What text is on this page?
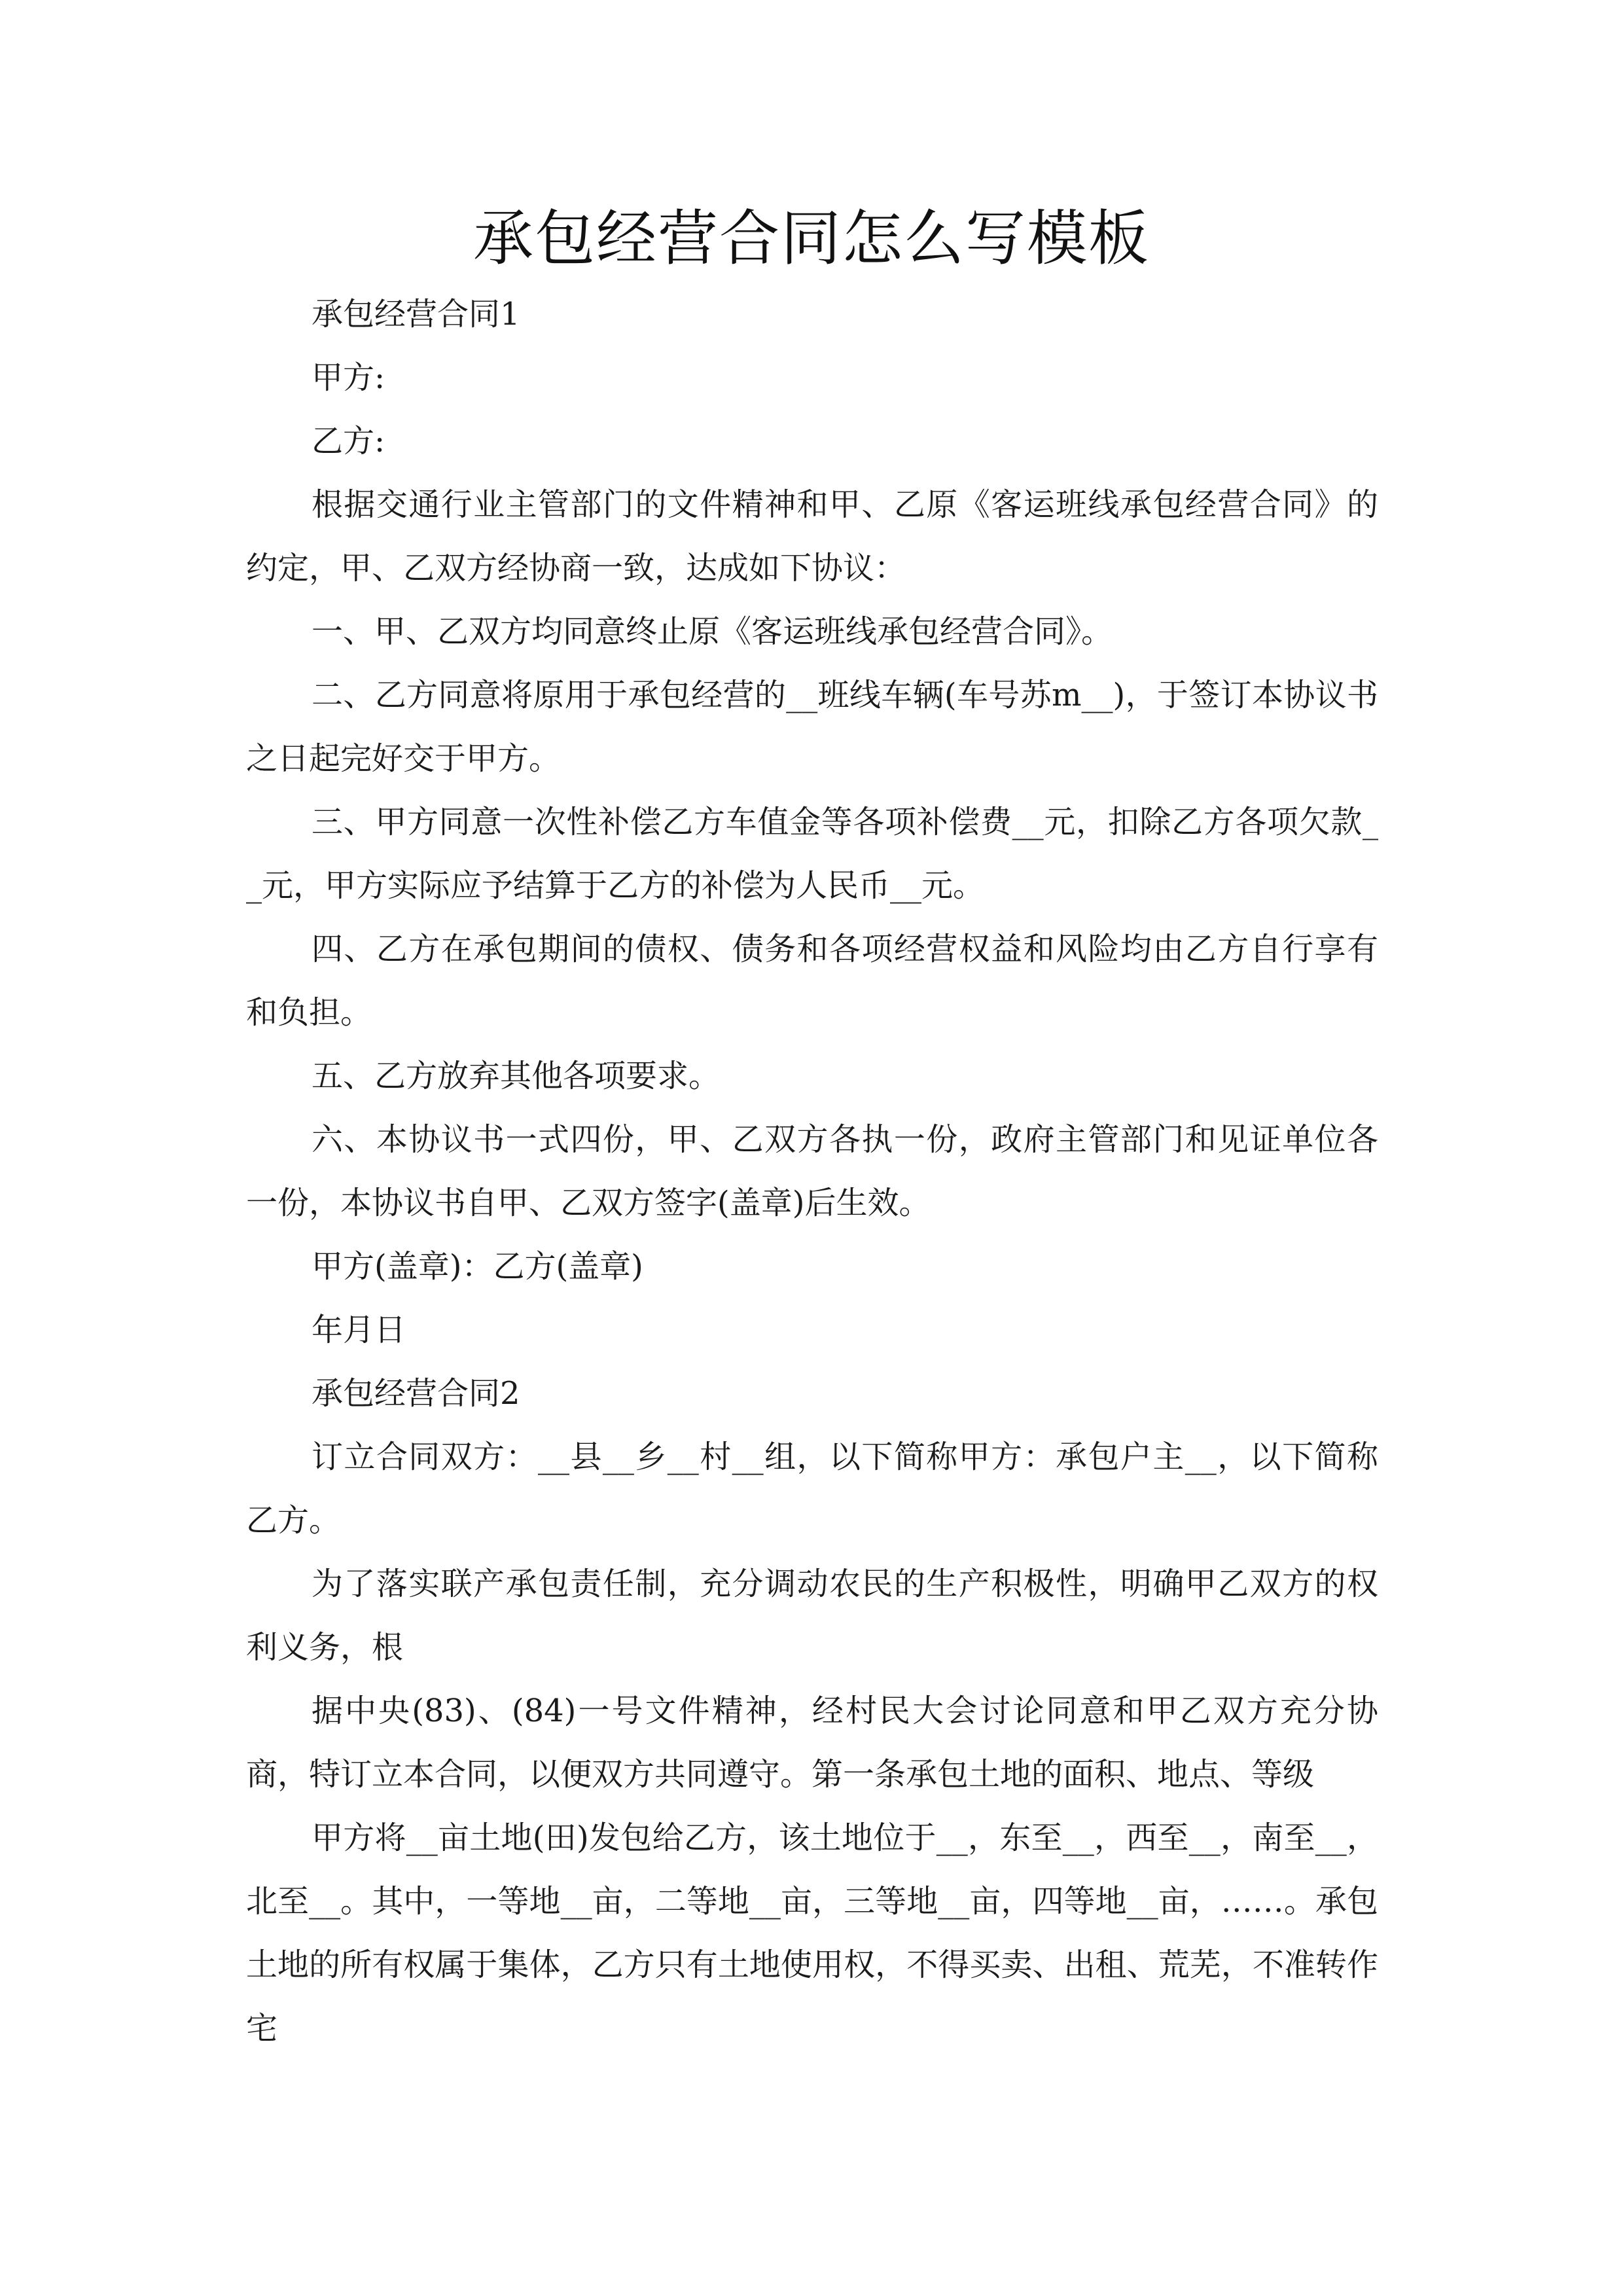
承包经营合同怎么写模板

承包经营合同1

甲方:

乙方:

根据交通行业主管部门的文件精神和甲、乙原《客运班线承包经营合同》的约定，甲、乙双方经协商一致，达成如下协议：

一、甲、乙双方均同意终止原《客运班线承包经营合同》。

二、乙方同意将原用于承包经营的__班线车辆(车号苏m__)，于签订本协议书之日起完好交于甲方。

三、甲方同意一次性补偿乙方车值金等各项补偿费__元，扣除乙方各项欠款__元，甲方实际应予结算于乙方的补偿为人民币__元。

四、乙方在承包期间的债权、债务和各项经营权益和风险均由乙方自行享有和负担。

五、乙方放弃其他各项要求。

六、本协议书一式四份，甲、乙双方各执一份，政府主管部门和见证单位各一份，本协议书自甲、乙双方签字(盖章)后生效。

甲方(盖章)：乙方(盖章)

年月日

承包经营合同2

订立合同双方：__县__乡__村__组，以下简称甲方：承包户主__，以下简称乙方。

为了落实联产承包责任制，充分调动农民的生产积极性，明确甲乙双方的权利义务，根

据中央(83)、(84)一号文件精神，经村民大会讨论同意和甲乙双方充分协商，特订立本合同，以便双方共同遵守。第一条承包土地的面积、地点、等级

甲方将__亩土地(田)发包给乙方，该土地位于__，东至__，西至__，南至__，北至__。其中，一等地__亩，二等地__亩，三等地__亩，四等地__亩，……。承包土地的所有权属于集体，乙方只有土地使用权，不得买卖、出租、荒芜，不准转作宅
